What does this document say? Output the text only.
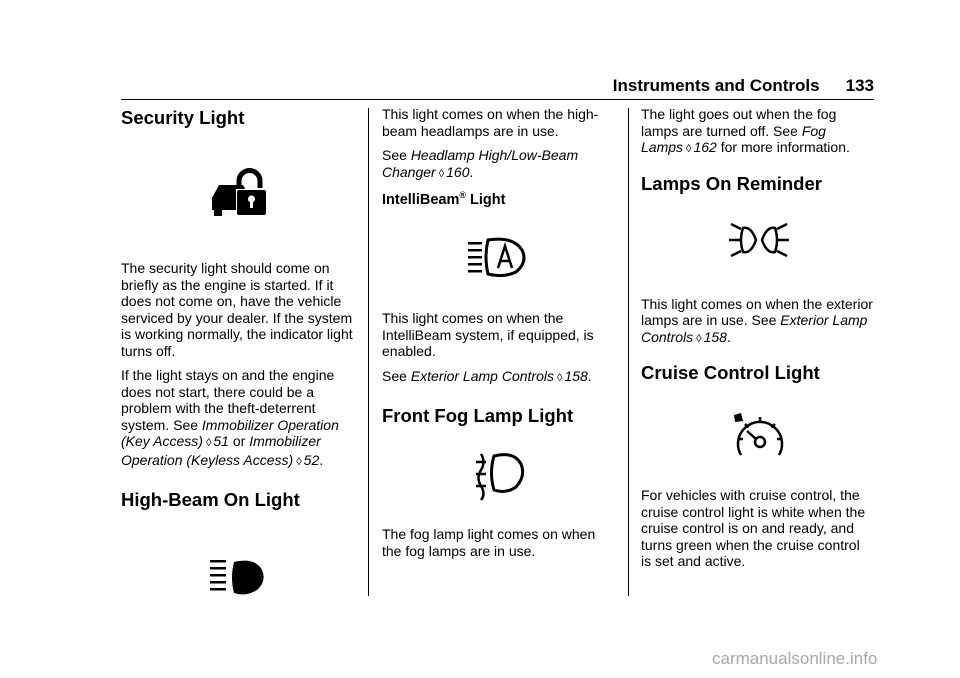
Instruments and Controls 133
Security Light

The security light should come on briefly as the engine is started. If it does not come on, have the vehicle serviced by your dealer. If the system is working normally, the indicator light turns off.

If the light stays on and the engine does not start, there could be a problem with the theft-deterrent system. See Immobilizer Operation (Key Access) ◊ 51 or Immobilizer Operation (Keyless Access) ◊ 52.

High-Beam On Light

This light comes on when the high-beam headlamps are in use.

See Headlamp High/Low-Beam Changer ◊ 160.

IntelliBeam® Light

This light comes on when the IntelliBeam system, if equipped, is enabled.

See Exterior Lamp Controls ◊ 158.

Front Fog Lamp Light

The fog lamp light comes on when the fog lamps are in use.

The light goes out when the fog lamps are turned off. See Fog Lamps ◊ 162 for more information.

Lamps On Reminder

This light comes on when the exterior lamps are in use. See Exterior Lamp Controls ◊ 158.

Cruise Control Light

For vehicles with cruise control, the cruise control light is white when the cruise control is on and ready, and turns green when the cruise control is set and active.

carmanualsonline.info
